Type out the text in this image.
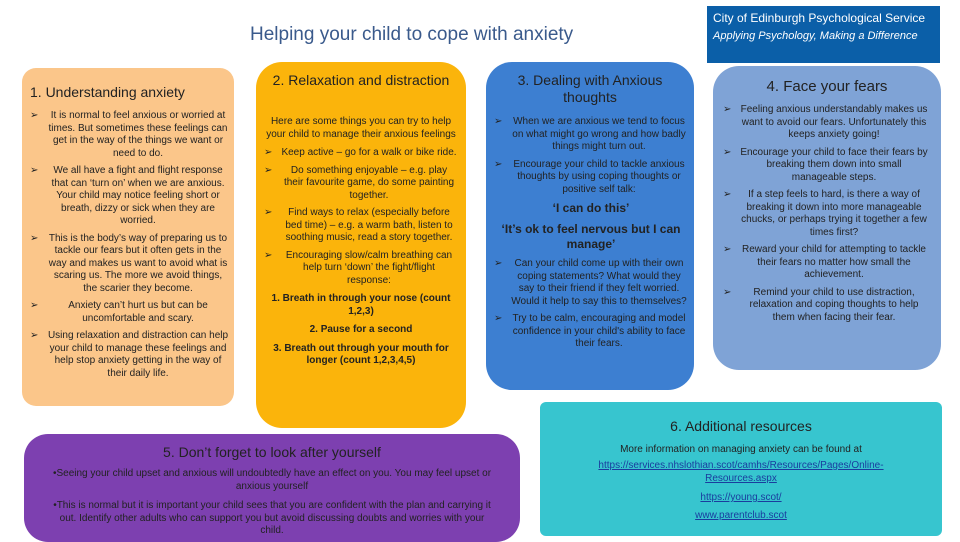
Helping your child to cope with anxiety
City of Edinburgh Psychological Service
Applying Psychology, Making a Difference
1. Understanding anxiety
➢ It is normal to feel anxious or worried at times. But sometimes these feelings can get in the way of the things we want or need to do.
➢ We all have a fight and flight response that can ‘turn on’ when we are anxious. Your child may notice feeling short or breath, dizzy or sick when they are worried.
➢ This is the body’s way of preparing us to tackle our fears but it often gets in the way and makes us want to avoid what is scaring us. The more we avoid things, the scarier they become.
➢	Anxiety can’t hurt us but can be uncomfortable and scary.
➢ Using relaxation and distraction can help your child to manage these feelings and help stop anxiety getting in the way of their daily life.
2. Relaxation and distraction
Here are some things you can try to help your child to manage their anxious feelings
➢ Keep active – go for a walk or bike ride.
➢ Do something enjoyable – e.g. play their favourite game, do some painting together.
➢ Find ways to relax (especially before bed time) – e.g. a warm bath, listen to soothing music, read a story together.
➢ Encouraging slow/calm breathing can help turn ‘down’ the fight/flight response:
1. Breath in through your nose (count 1,2,3)
2. Pause for a second
3. Breath out through your mouth for longer (count 1,2,3,4,5)
3. Dealing with Anxious thoughts
➢ When we are anxious we tend to focus on what might go wrong and how badly things might turn out.
➢ Encourage your child to tackle anxious thoughts by using coping thoughts or positive self talk:
‘I can do this’
‘It’s ok to feel nervous but I can manage’
➢ Can your child come up with their own coping statements? What would they say to their friend if they felt worried. Would it help to say this to themselves?
➢ Try to be calm, encouraging and model confidence in your child's ability to face their fears.
4. Face your fears
➢ Feeling anxious understandably makes us want to avoid our fears. Unfortunately this keeps anxiety going!
➢ Encourage your child to face their fears by breaking them down into small manageable steps.
➢ If a step feels to hard, is there a way of breaking it down into more manageable chucks, or perhaps trying it together a few times first?
➢ Reward your child for attempting to tackle their fears no matter how small the achievement.
➢ Remind your child to use distraction, relaxation and coping thoughts to help them when facing their fear.
5. Don’t forget to look after yourself
•Seeing your child upset and anxious will undoubtedly have an effect on you. You may feel upset or anxious yourself
•This is normal but it is important your child sees that you are confident with the plan and carrying it out. Identify other adults who can support you but avoid discussing doubts and worries with your child.
6. Additional resources
More information on managing anxiety can be found at
https://services.nhslothian.scot/camhs/Resources/Pages/Online-Resources.aspx
https://young.scot/
www.parentclub.scot
